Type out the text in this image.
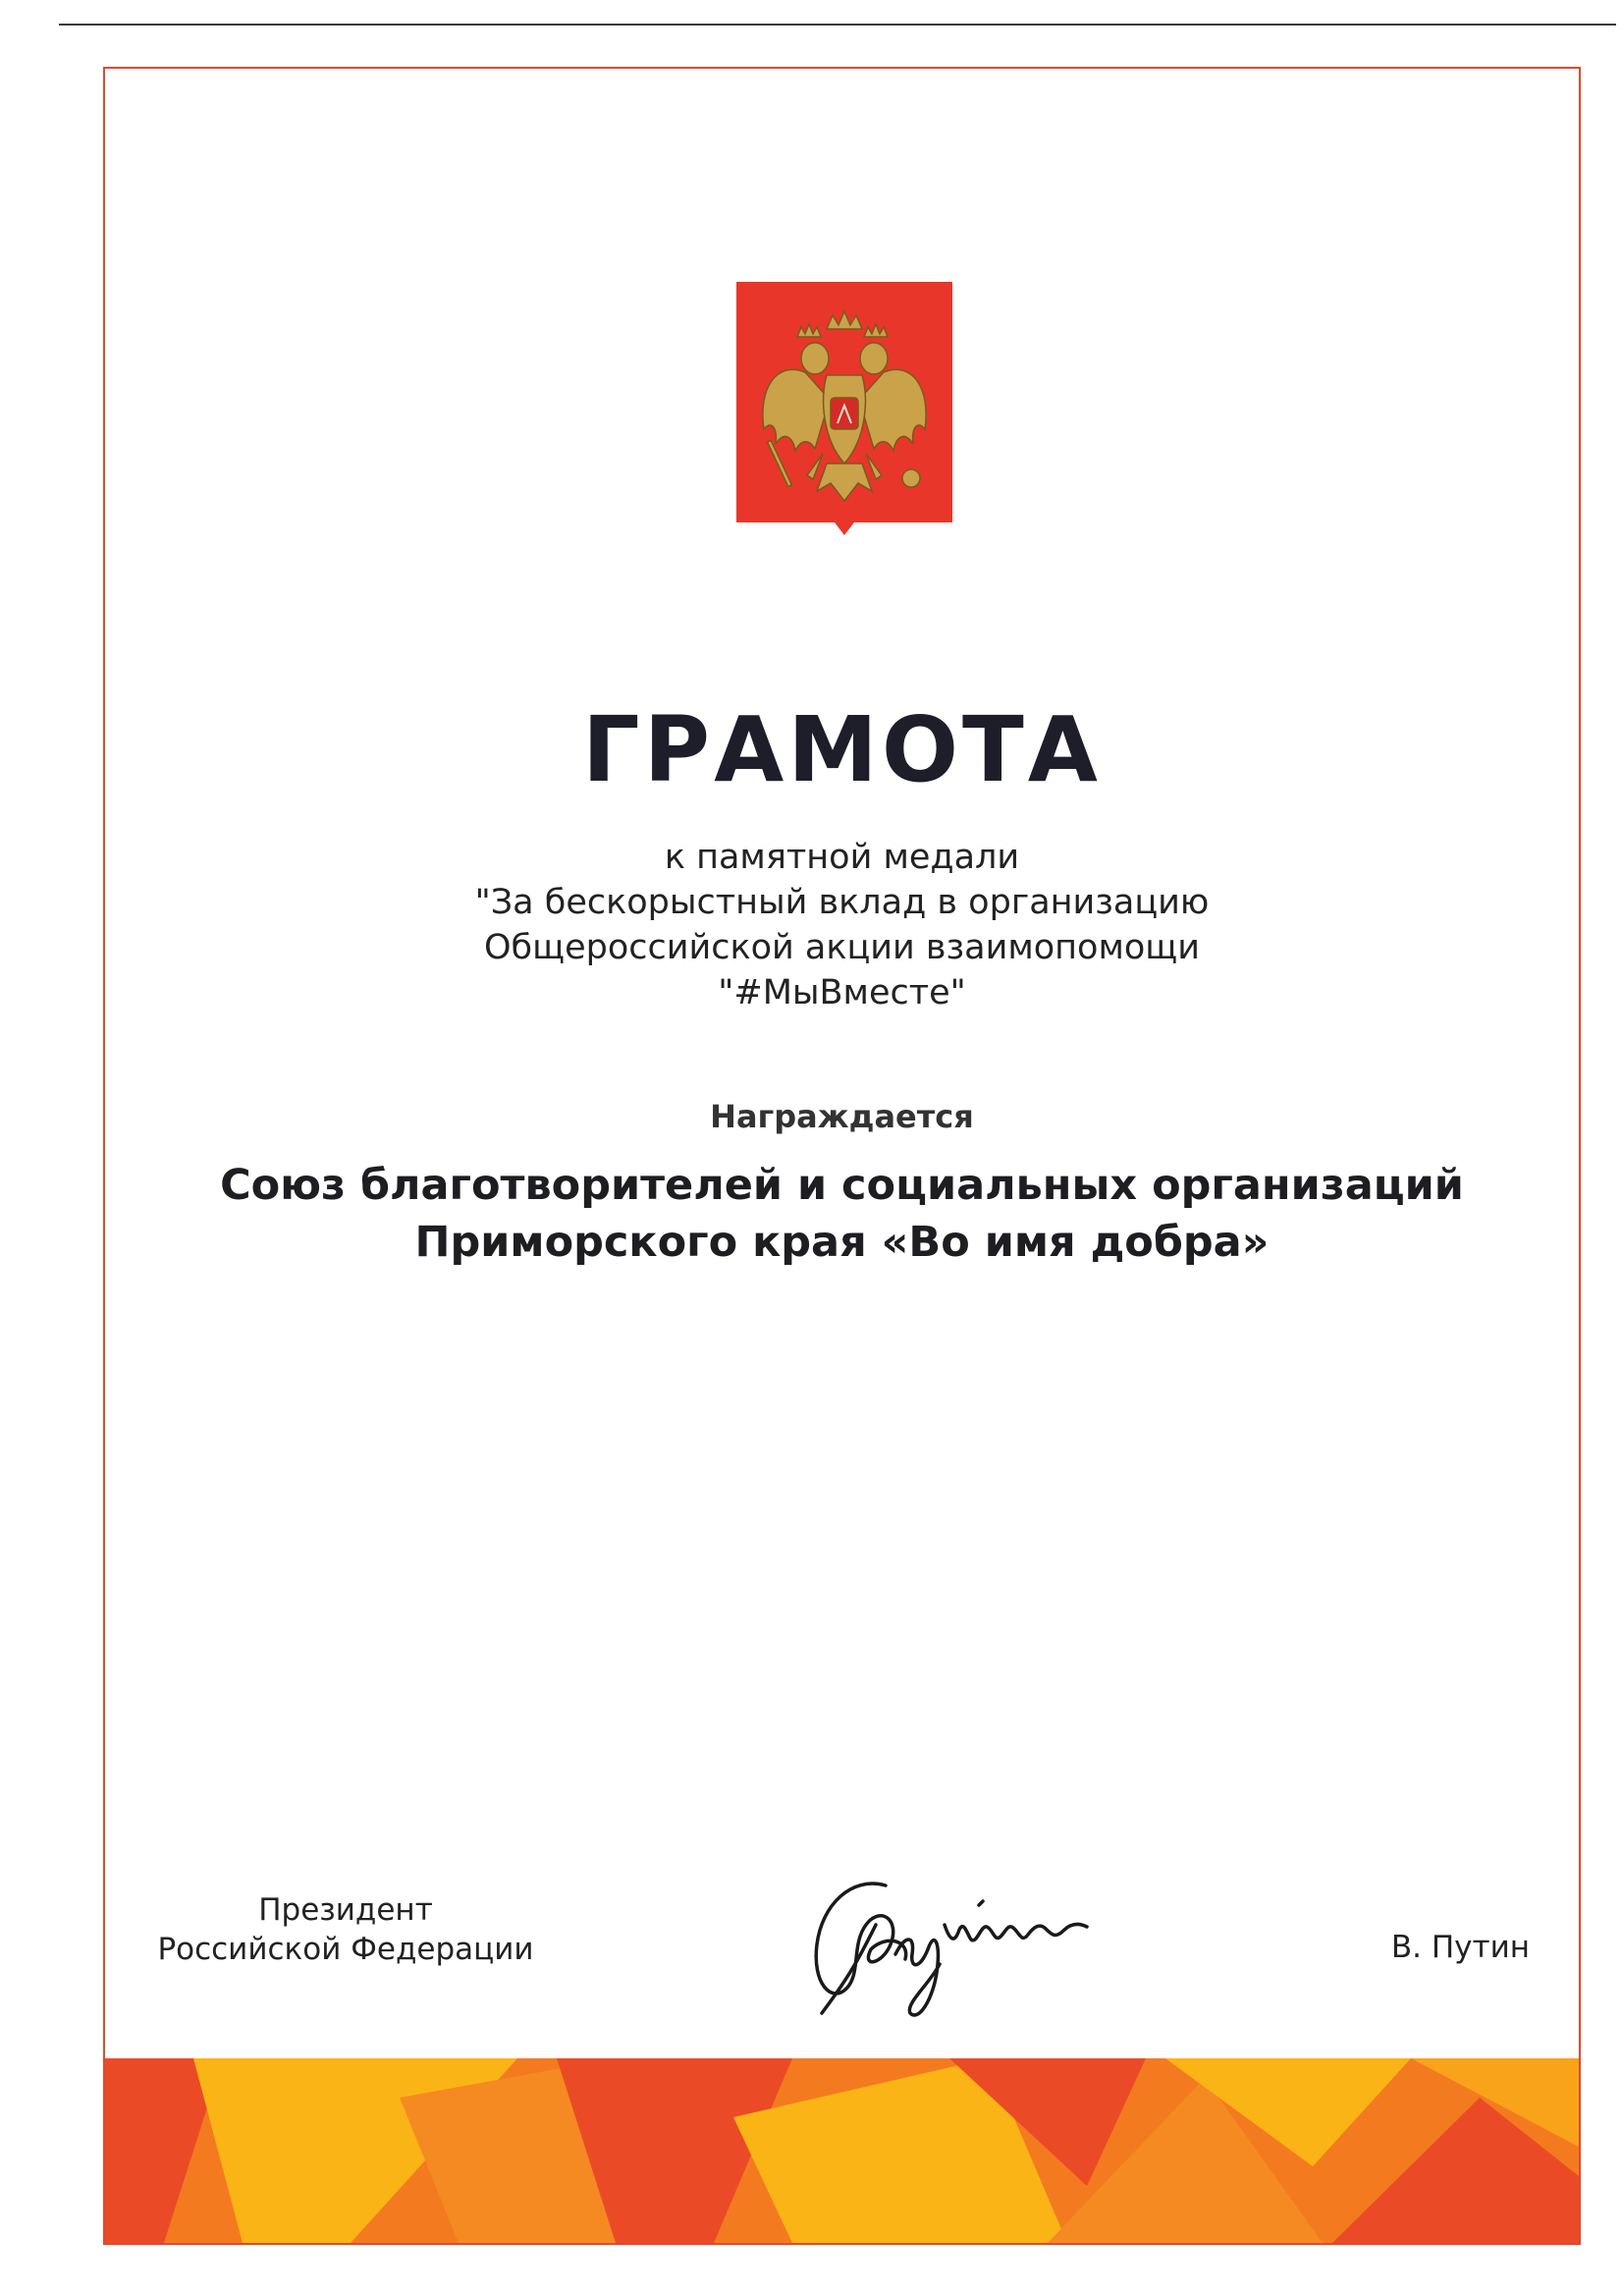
ГРАМОТА
к памятной медали
"За бескорыстный вклад в организацию
Общероссийской акции взаимопомощи
"#МыВместе"
Награждается
Союз благотворителей и социальных организаций
Приморского края «Во имя добра»
Президент
Российской Федерации	В. Путин
